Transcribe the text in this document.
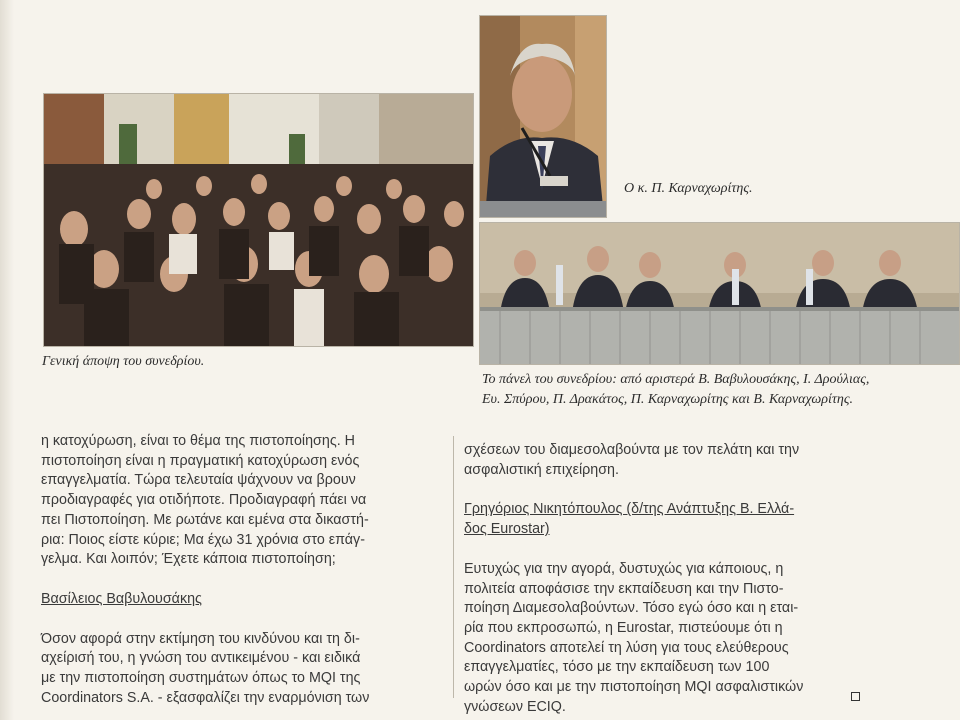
Γενική άποψη του συνεδρίου.
Ο κ. Π. Καρναχωρίτης.
Το πάνελ του συνεδρίου: από αριστερά Β. Βαβυλουσάκης, Ι. Δρούλιας,
Ευ. Σπύρου, Π. Δρακάτος, Π. Καρναχωρίτης και Β. Καρναχωρίτης.

η κατοχύρωση, είναι το θέμα της πιστοποίησης. Η

πιστοποίηση είναι η πραγματική κατοχύρωση ενός

επαγγελματία. Τώρα τελευταία ψάχνουν να βρουν

προδιαγραφές για οτιδήποτε. Προδιαγραφή πάει να

πει Πιστοποίηση. Με ρωτάνε και εμένα στα δικαστή-

ρια: Ποιος είστε κύριε; Μα έχω 31 χρόνια στο επάγ-

γελμα. Και λοιπόν; Έχετε κάποια πιστοποίηση;

Βασίλειος Βαβυλουσάκης

Όσον αφορά στην εκτίμηση του κινδύνου και τη δι-

αχείρισή του, η γνώση του αντικειμένου - και ειδικά

με την πιστοποίηση συστημάτων όπως το MQI της

Coordinators S.A. - εξασφαλίζει την εναρμόνιση των

σχέσεων του διαμεσολαβούντα με τον πελάτη και την

ασφαλιστική επιχείρηση.

Γρηγόριος Νικητόπουλος (δ/της Ανάπτυξης Β. Ελλά-

δος Eurostar)

Ευτυχώς για την αγορά, δυστυχώς για κάποιους, η

πολιτεία αποφάσισε την εκπαίδευση και την Πιστο-

ποίηση Διαμεσολαβούντων. Τόσο εγώ όσο και η εται-

ρία που εκπροσωπώ, η Eurostar, πιστεύουμε ότι η

Coordinators αποτελεί τη λύση για τους ελεύθερους

επαγγελματίες, τόσο με την εκπαίδευση των 100

ωρών όσο και με την πιστοποίηση MQI ασφαλιστικών

γνώσεων ECIQ.
